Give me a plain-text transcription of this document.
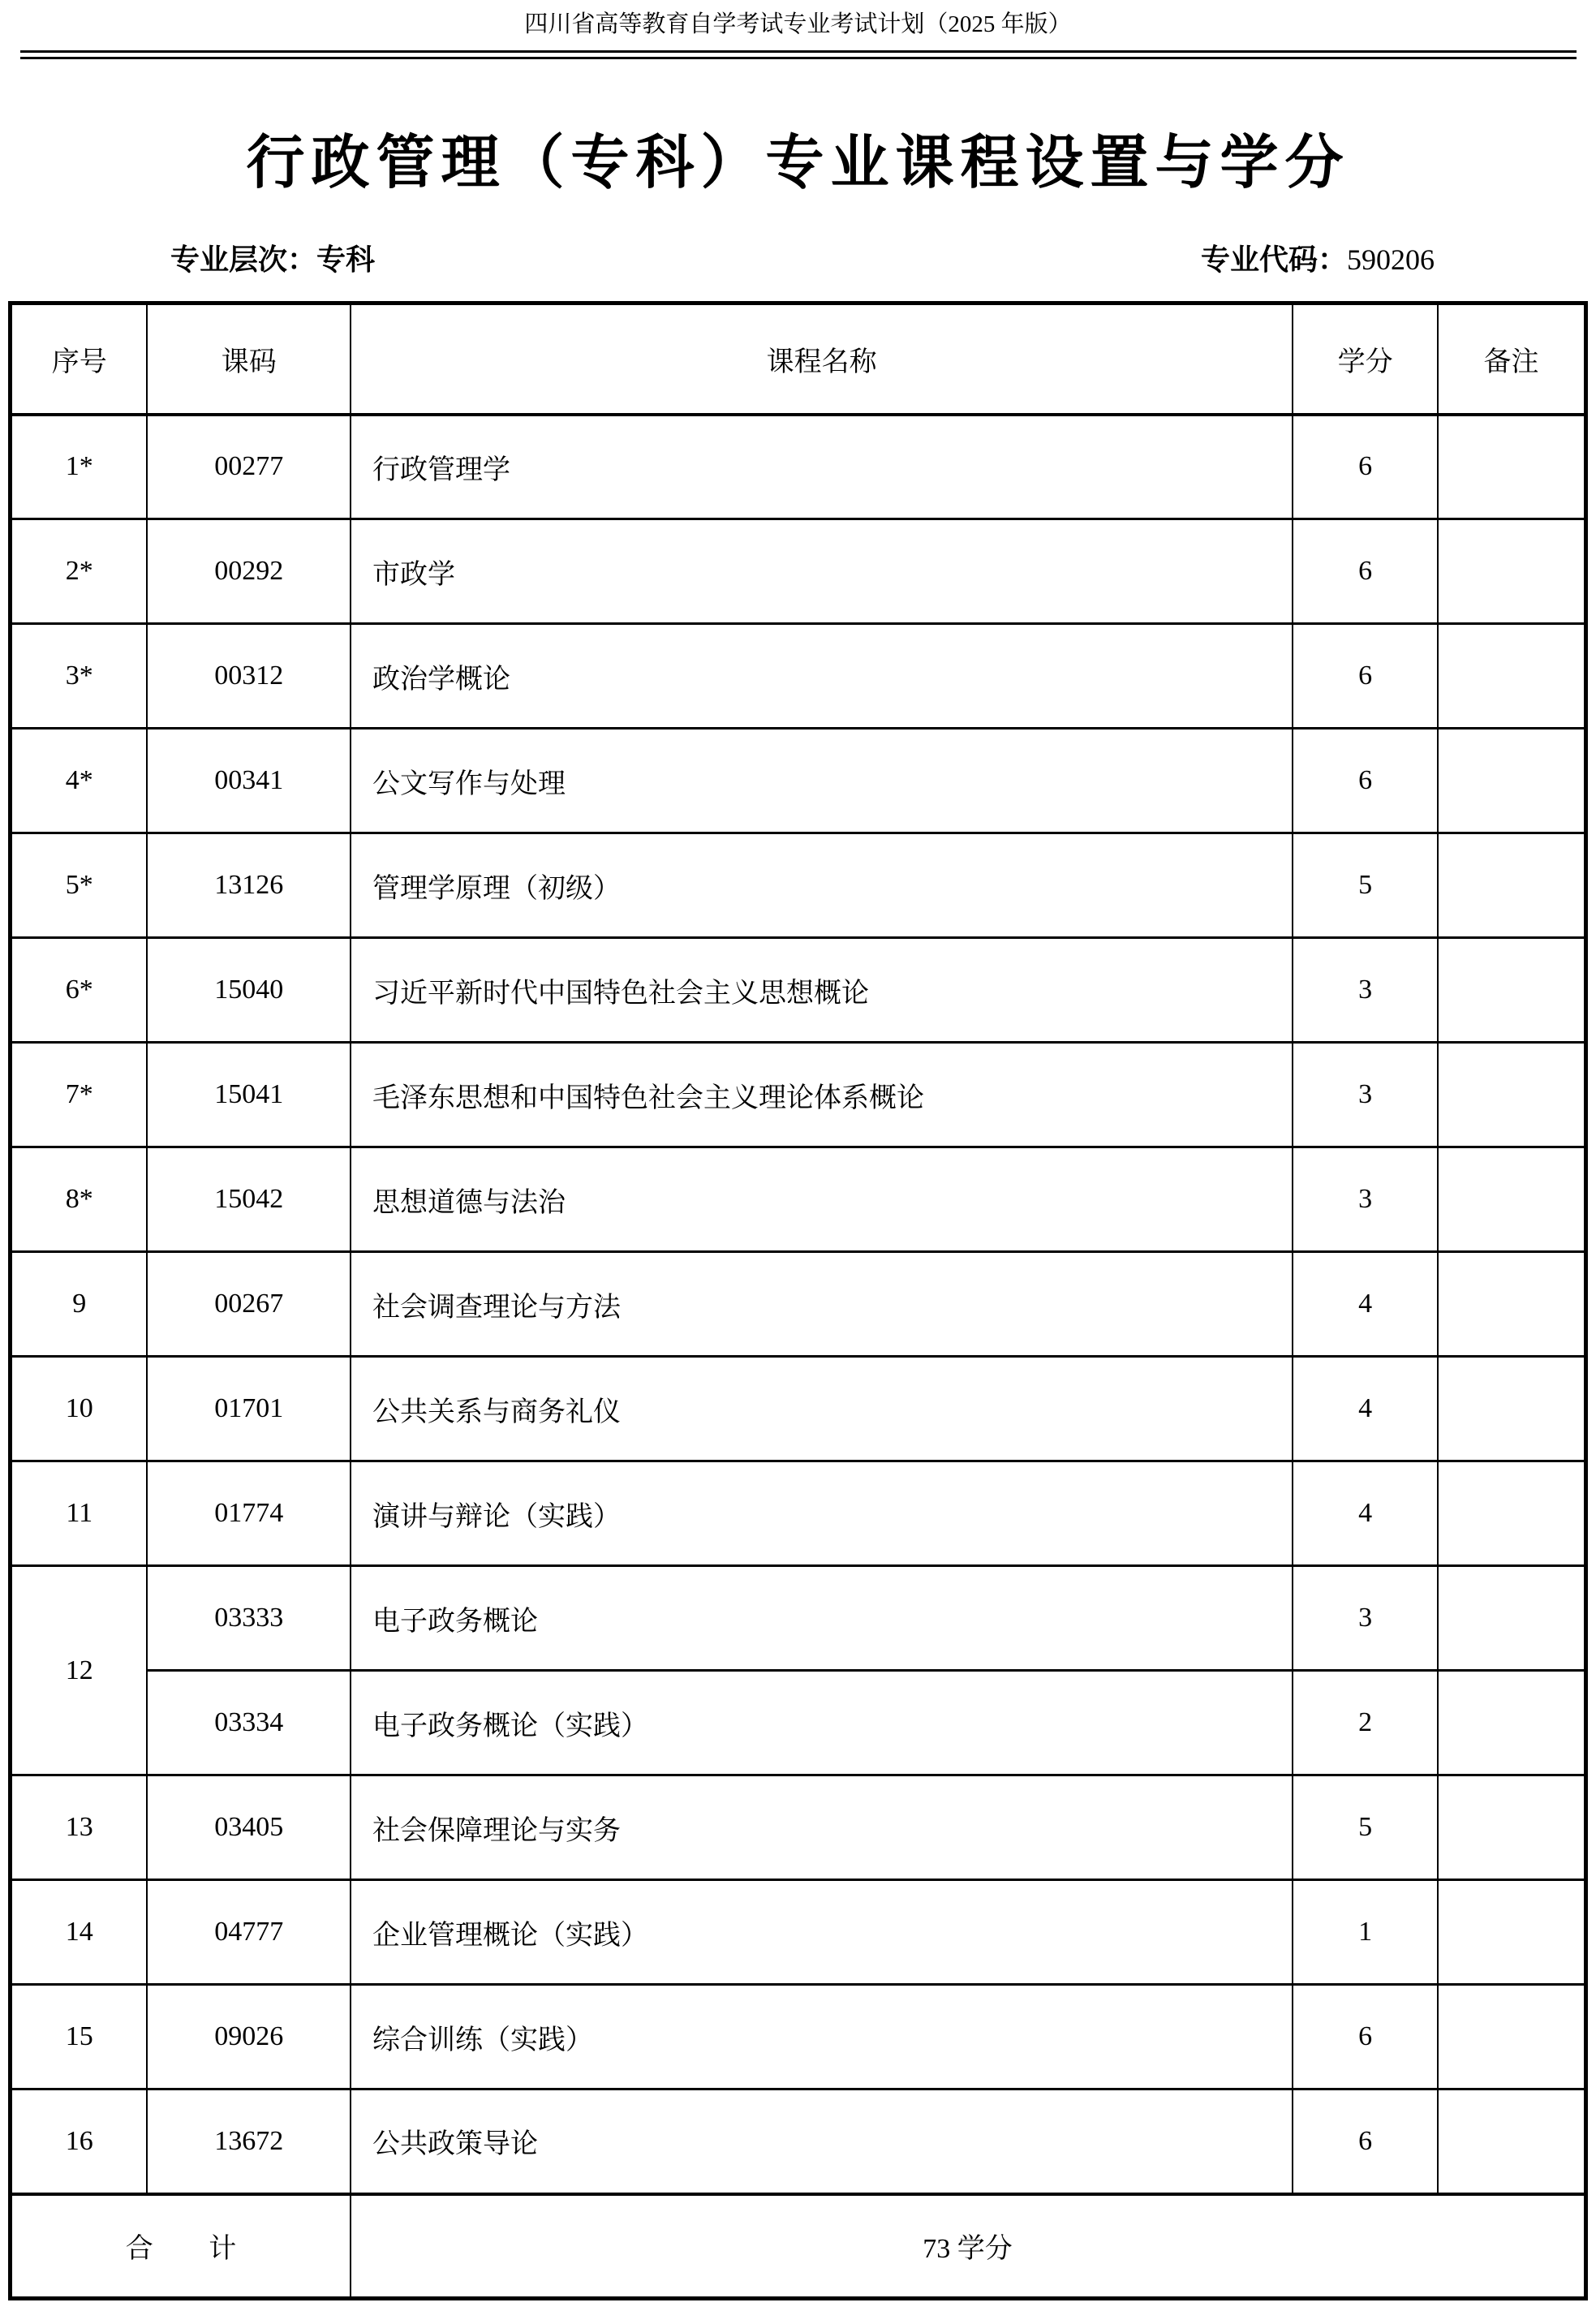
四川省高等教育自学考试专业考试计划（2025 年版）
行政管理（专科）专业课程设置与学分
专业层次：专科	专业代码：590206
序号	课码	课程名称	学分	备注
1*	00277	行政管理学	6	
2*	00292	市政学	6	
3*	00312	政治学概论	6	
4*	00341	公文写作与处理	6	
5*	13126	管理学原理（初级）	5	
6*	15040	习近平新时代中国特色社会主义思想概论	3	
7*	15041	毛泽东思想和中国特色社会主义理论体系概论	3	
8*	15042	思想道德与法治	3	
9	00267	社会调查理论与方法	4	
10	01701	公共关系与商务礼仪	4	
11	01774	演讲与辩论（实践）	4	
12	03333	电子政务概论	3	
	03334	电子政务概论（实践）	2	
13	03405	社会保障理论与实务	5	
14	04777	企业管理概论（实践）	1	
15	09026	综合训练（实践）	6	
16	13672	公共政策导论	6	
合 计		73 学分		
